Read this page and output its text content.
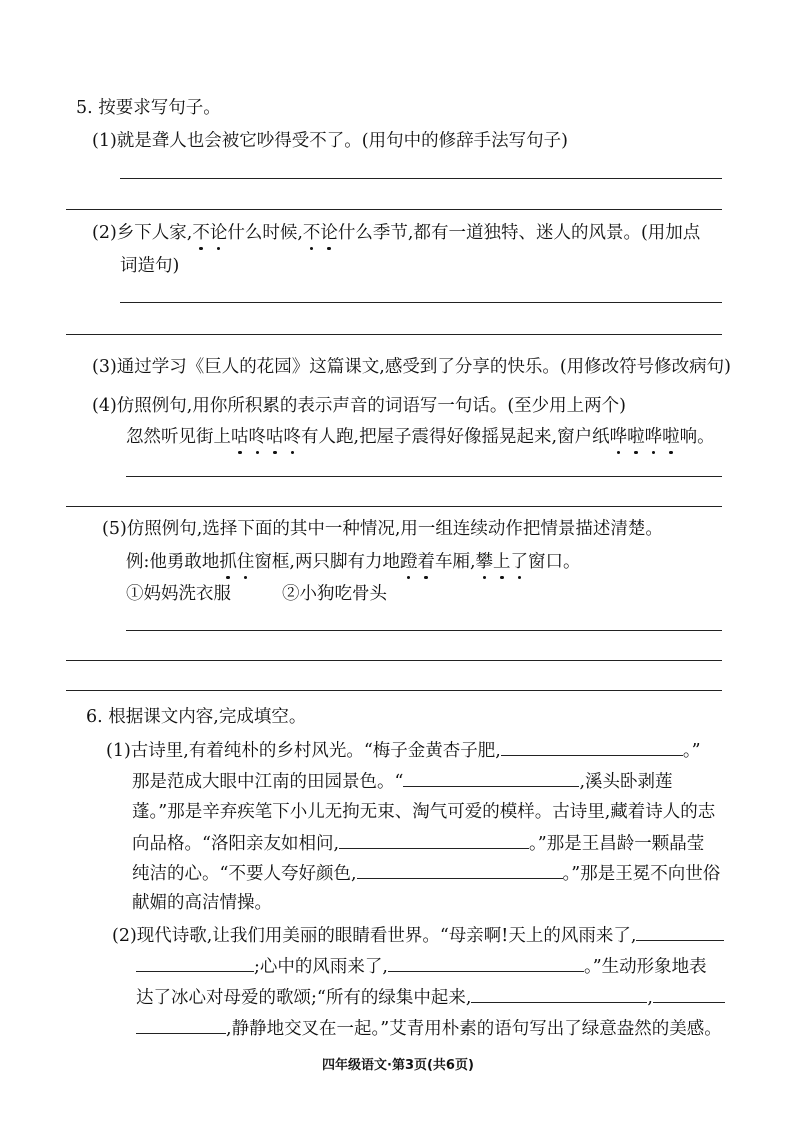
5. 按要求写句子。
(1)就是聋人也会被它吵得受不了。(用句中的修辞手法写句子)
(2)乡下人家,不论什么时候,不论什么季节,都有一道独特、迷人的风景。(用加点
词造句)
(3)通过学习《巨人的花园》这篇课文,感受到了分享的快乐。(用修改符号修改病句)
(4)仿照例句,用你所积累的表示声音的词语写一句话。(至少用上两个)
忽然听见街上咕咚咕咚有人跑,把屋子震得好像摇晃起来,窗户纸哗啦哗啦响。
(5)仿照例句,选择下面的其中一种情况,用一组连续动作把情景描述清楚。
例:他勇敢地抓住窗框,两只脚有力地蹬着车厢,攀上了窗口。
①妈妈洗衣服	②小狗吃骨头
6. 根据课文内容,完成填空。
(1)古诗里,有着纯朴的乡村风光。“梅子金黄杏子肥,	。”
那是范成大眼中江南的田园景色。“	,溪头卧剥莲
蓬。”那是辛弃疾笔下小儿无拘无束、淘气可爱的模样。古诗里,藏着诗人的志
向品格。“洛阳亲友如相问,	。”那是王昌龄一颗晶莹
纯洁的心。“不要人夸好颜色,	。”那是王冕不向世俗
献媚的高洁情操。
(2)现代诗歌,让我们用美丽的眼睛看世界。“母亲啊!天上的风雨来了,
;心中的风雨来了,	。”生动形象地表
达了冰心对母爱的歌颂;“所有的绿集中起来,	,
,静静地交叉在一起。”艾青用朴素的语句写出了绿意盎然的美感。
四年级语文·第3页(共6页)
